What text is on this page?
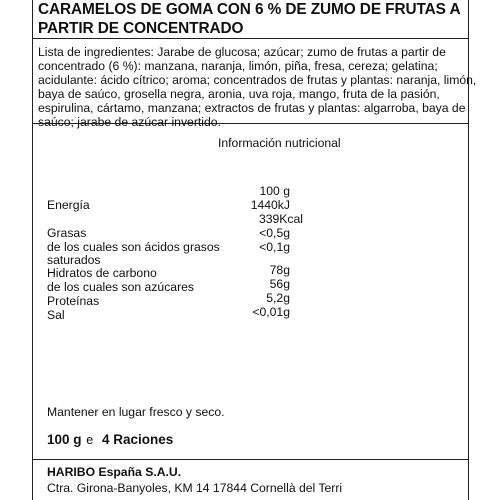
CARAMELOS DE GOMA CON 6 % DE ZUMO DE FRUTAS A
PARTIR DE CONCENTRADO
Lista de ingredientes: Jarabe de glucosa; azúcar; zumo de frutas a partir de
concentrado (6 %): manzana, naranja, limón, piña, fresa, cereza; gelatina;
acidulante: ácido cítrico; aroma; concentrados de frutas y plantas: naranja, limón,
baya de saúco, grosella negra, aronia, uva roja, mango, fruta de la pasión,
espirulina, cártamo, manzana; extractos de frutas y plantas: algarroba, baya de
saúco; jarabe de azúcar invertido.
Información nutricional
100 g
Energía	1440kJ
339Kcal
Grasas	<0,5g
de los cuales son ácidos grasos	<0,1g
saturados
Hidratos de carbono	78g
de los cuales son azúcares	56g
Proteínas	5,2g
Sal	<0,01g
Mantener en lugar fresco y seco.
100 g e 4 Raciones
HARIBO España S.A.U.
Ctra. Girona-Banyoles, KM 14 17844 Cornellà del Terri
